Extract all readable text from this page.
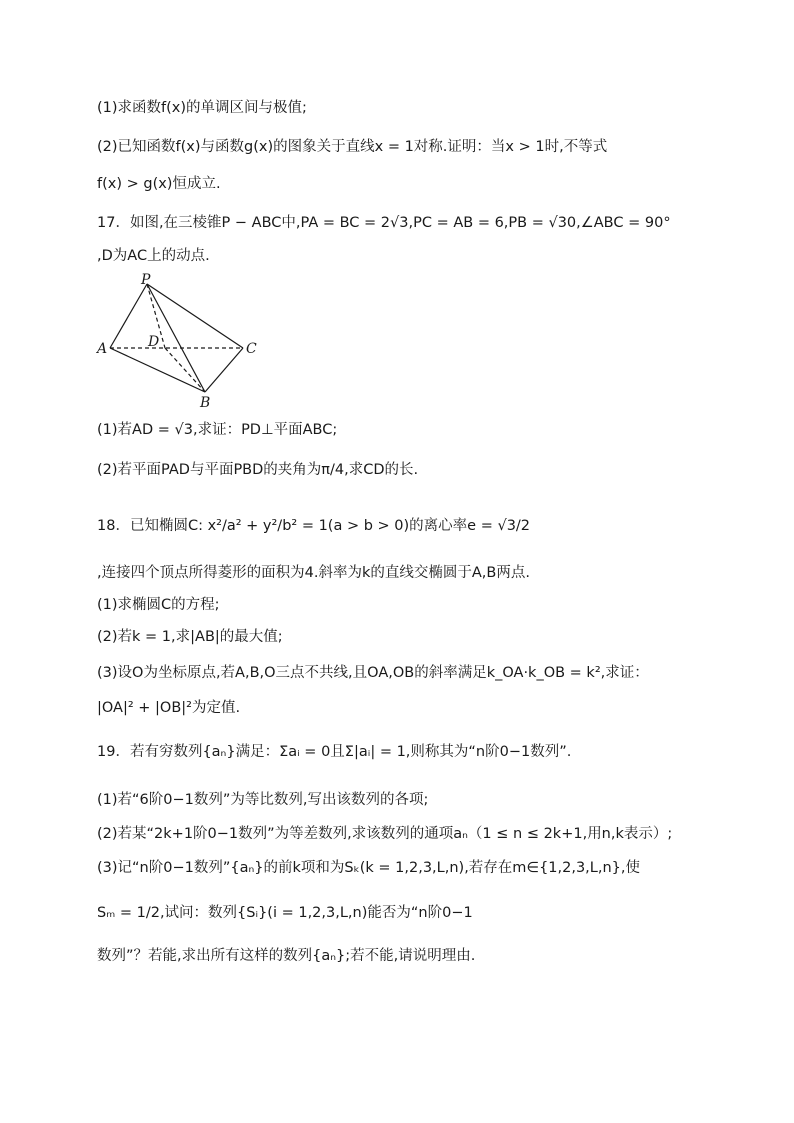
(1)求函数f(x)的单调区间与极值;
(2)已知函数f(x)与函数g(x)的图象关于直线x = 1对称.证明：当x > 1时,不等式
f(x) > g(x)恒成立.
17．如图,在三棱锥P − ABC中,PA = BC = 2√3,PC = AB = 6,PB = √30,∠ABC = 90°
,D为AC上的动点.
P
A	D	C
B
(1)若AD = √3,求证：PD⊥平面ABC;
(2)若平面PAD与平面PBD的夹角为π/4,求CD的长.
18．已知椭圆C: x²/a² + y²/b² = 1(a > b > 0)的离心率e = √3/2
,连接四个顶点所得菱形的面积为4.斜率为k的直线交椭圆于A,B两点.
(1)求椭圆C的方程;
(2)若k = 1,求|AB|的最大值;
(3)设O为坐标原点,若A,B,O三点不共线,且OA,OB的斜率满足k_OA·k_OB = k²,求证：
|OA|² + |OB|²为定值.
19．若有穷数列{aₙ}满足：Σaᵢ = 0且Σ|aᵢ| = 1,则称其为“n阶0−1数列”.
(1)若“6阶0−1数列”为等比数列,写出该数列的各项;
(2)若某“2k+1阶0−1数列”为等差数列,求该数列的通项aₙ（1 ≤ n ≤ 2k+1,用n,k表示）;
(3)记“n阶0−1数列”{aₙ}的前k项和为Sₖ(k = 1,2,3,L,n),若存在m∈{1,2,3,L,n},使
Sₘ = 1/2,试问：数列{Sᵢ}(i = 1,2,3,L,n)能否为“n阶0−1
数列”？若能,求出所有这样的数列{aₙ};若不能,请说明理由.
